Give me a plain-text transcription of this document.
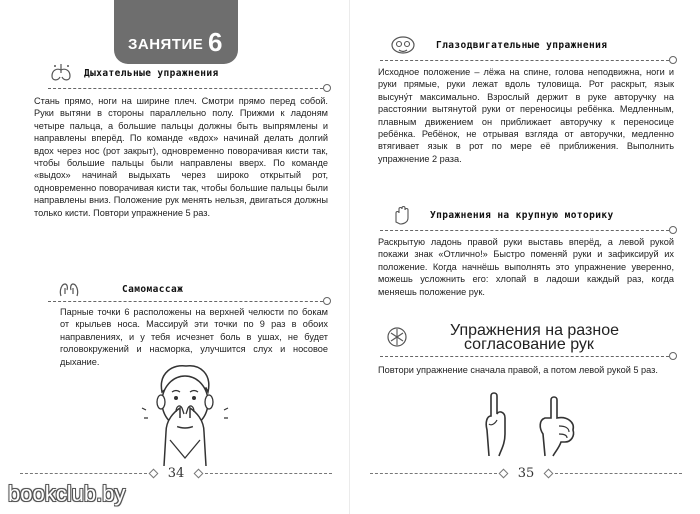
ЗАНЯТИЕ 6
Дыхательные упражнения

Стань прямо, ноги на ширине плеч. Смотри прямо перед собой. Руки вытяни в стороны параллельно полу. Прижми к ладоням четыре пальца, а большие пальцы должны быть выпрямлены и направлены вперёд. По команде «вдох» начинай делать долгий вдох через нос (рот закрыт), одновременно поворачивая кисти так, чтобы большие пальцы были направлены вверх. По команде «выдох» начинай выдыхать через широко открытый рот, одновременно поворачивая кисти так, чтобы большие пальцы были направлены вниз. Положение рук менять нельзя, двигаться должны только кисти. Повтори упражнение 5 раз.

Самомассаж

Парные точки 6 расположены на верхней челюсти по бокам от крыльев носа. Массируй эти точки по 9 раз в обоих направлениях, и у тебя исчезнет боль в ушах, не будет головокружений и насморка, улучшится слух и носовое дыхание.

34
Глазодвигательные упражнения

Исходное положение – лёжа на спине, голова неподвижна, ноги и руки прямые, руки лежат вдоль туловища. Рот раскрыт, язык высуну́т максимально. Взрослый держит в руке авторучку на расстоянии вытянутой руки от переносицы ребёнка. Медленным, плавным движением он приближает авторучку к переносице ребёнка. Ребёнок, не отрывая взгляда от авторучки, медленно втягивает язык в рот по мере её приближения. Выполнить упражнение 2 раза.

Упражнения на крупную моторику

Раскрытую ладонь правой руки выставь вперёд, а левой рукой покажи знак «Отлично!» Быстро поменяй руки и зафиксируй их положение. Когда начнёшь выполнять это упражнение уверенно, можешь усложнить его: хлопай в ладоши каждый раз, когда меняешь положение рук.

Упражнения на разное
согласование рук

Повтори упражнение сначала правой, а потом левой рукой 5 раз.

35
bookclub.by
